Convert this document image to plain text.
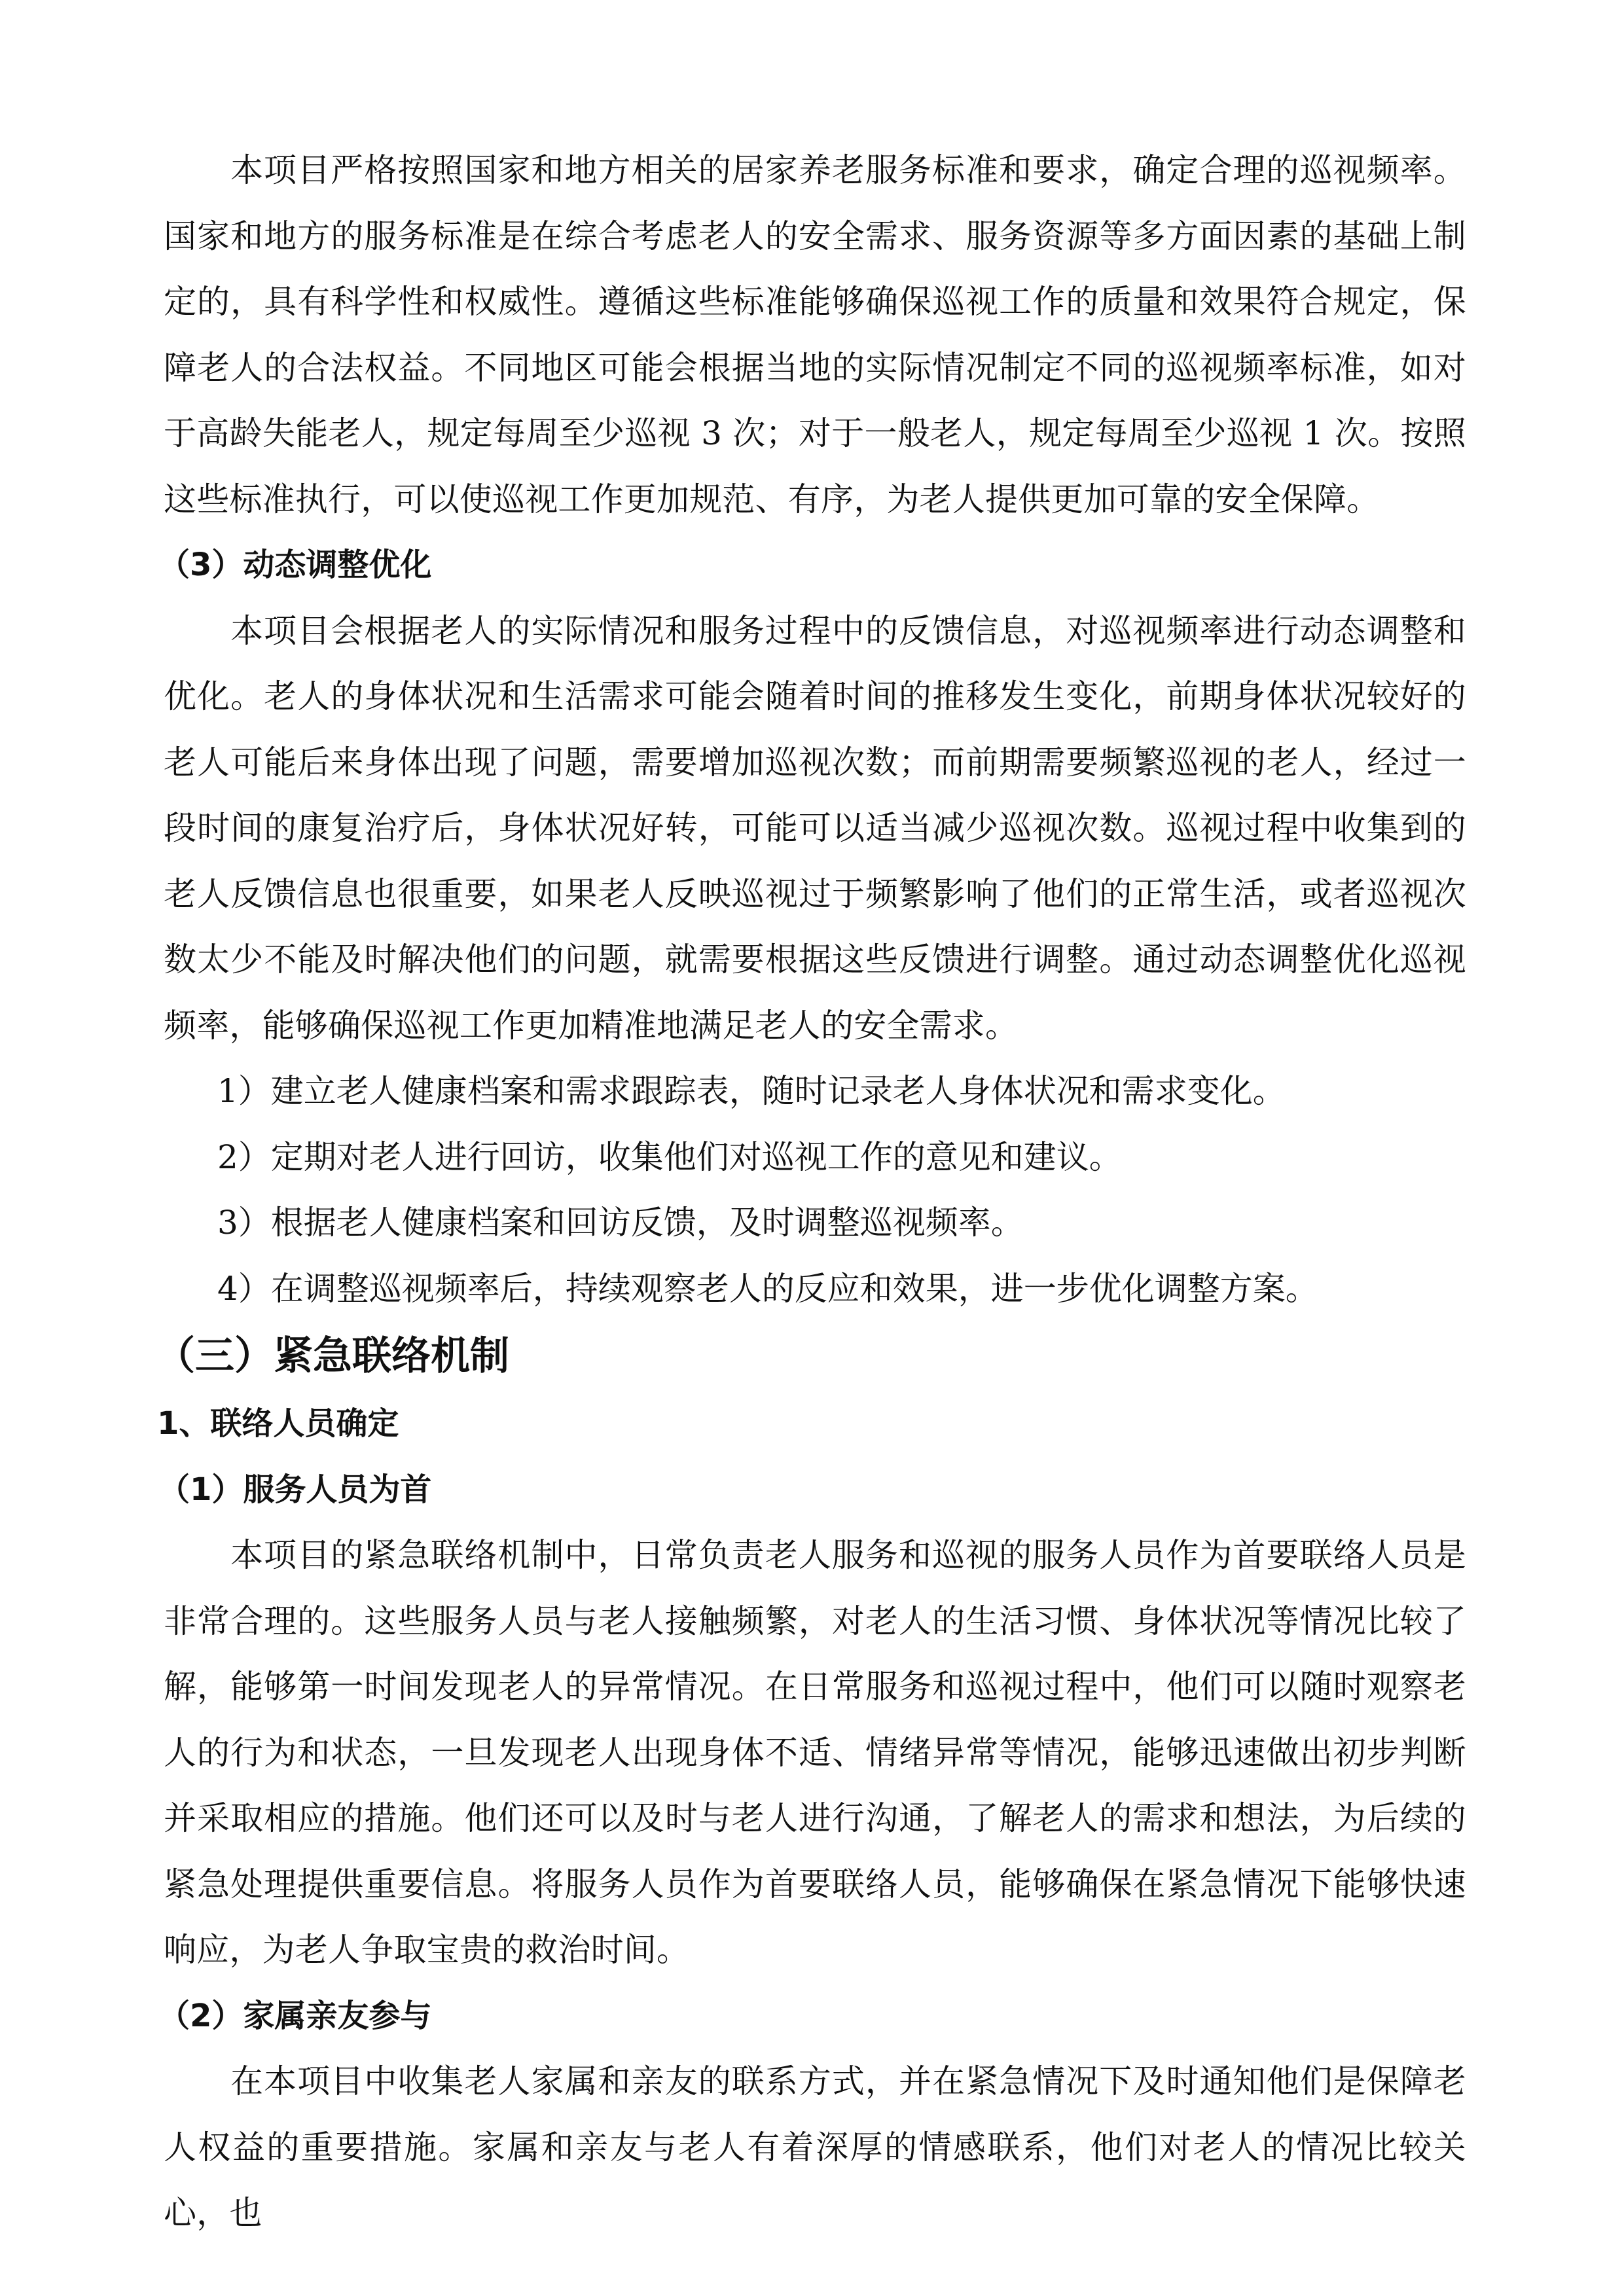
本项目严格按照国家和地方相关的居家养老服务标准和要求，确定合理的巡视频率。国家和地方的服务标准是在综合考虑老人的安全需求、服务资源等多方面因素的基础上制定的，具有科学性和权威性。遵循这些标准能够确保巡视工作的质量和效果符合规定，保障老人的合法权益。不同地区可能会根据当地的实际情况制定不同的巡视频率标准，如对于高龄失能老人，规定每周至少巡视 3 次；对于一般老人，规定每周至少巡视 1 次。按照这些标准执行，可以使巡视工作更加规范、有序，为老人提供更加可靠的安全保障。

（3）动态调整优化

本项目会根据老人的实际情况和服务过程中的反馈信息，对巡视频率进行动态调整和优化。老人的身体状况和生活需求可能会随着时间的推移发生变化，前期身体状况较好的老人可能后来身体出现了问题，需要增加巡视次数；而前期需要频繁巡视的老人，经过一段时间的康复治疗后，身体状况好转，可能可以适当减少巡视次数。巡视过程中收集到的老人反馈信息也很重要，如果老人反映巡视过于频繁影响了他们的正常生活，或者巡视次数太少不能及时解决他们的问题，就需要根据这些反馈进行调整。通过动态调整优化巡视频率，能够确保巡视工作更加精准地满足老人的安全需求。

1）建立老人健康档案和需求跟踪表，随时记录老人身体状况和需求变化。

2）定期对老人进行回访，收集他们对巡视工作的意见和建议。

3）根据老人健康档案和回访反馈，及时调整巡视频率。

4）在调整巡视频率后，持续观察老人的反应和效果，进一步优化调整方案。

（三）紧急联络机制

1、联络人员确定

（1）服务人员为首

本项目的紧急联络机制中，日常负责老人服务和巡视的服务人员作为首要联络人员是非常合理的。这些服务人员与老人接触频繁，对老人的生活习惯、身体状况等情况比较了解，能够第一时间发现老人的异常情况。在日常服务和巡视过程中，他们可以随时观察老人的行为和状态，一旦发现老人出现身体不适、情绪异常等情况，能够迅速做出初步判断并采取相应的措施。他们还可以及时与老人进行沟通，了解老人的需求和想法，为后续的紧急处理提供重要信息。将服务人员作为首要联络人员，能够确保在紧急情况下能够快速响应，为老人争取宝贵的救治时间。

（2）家属亲友参与

在本项目中收集老人家属和亲友的联系方式，并在紧急情况下及时通知他们是保障老人权益的重要措施。家属和亲友与老人有着深厚的情感联系，他们对老人的情况比较关心，也
